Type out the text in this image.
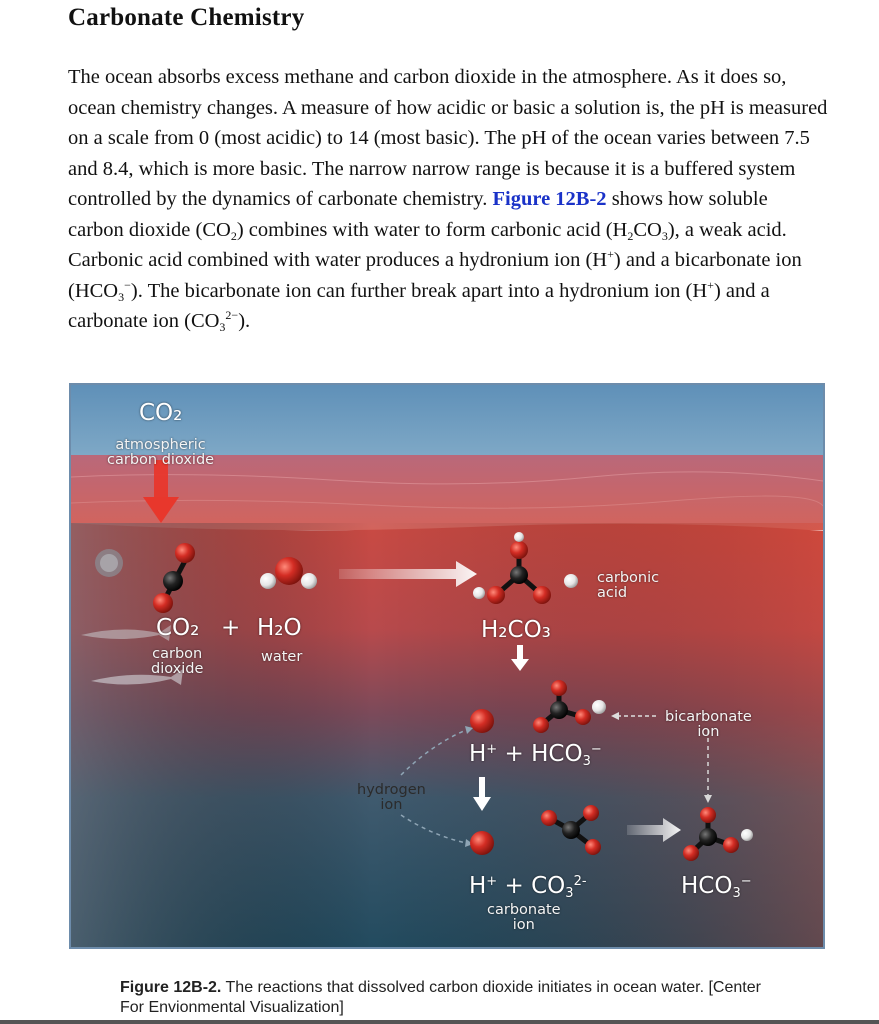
Carbonate Chemistry

The ocean absorbs excess methane and carbon dioxide in the atmosphere. As it does so, ocean chemistry changes. A measure of how acidic or basic a solution is, the pH is measured on a scale from 0 (most acidic) to 14 (most basic). The pH of the ocean varies between 7.5 and 8.4, which is more basic. The narrow narrow range is because it is a buffered system controlled by the dynamics of carbonate chemistry. Figure 12B-2 shows how soluble carbon dioxide $(CO_2)$ combines with water to form carbonic acid $(H_2CO_3)$, a weak acid. Carbonic acid combined with water produces a hydronium ion (H+) and a bicarbonate ion $(HCO_3^-)$. The bicarbonate ion can further break apart into a hydronium ion (H+) and a carbonate ion $(CO_3^{2-})$.

CO₂
atmospheric
carbon dioxide
CO₂ + H₂O
carbon
dioxide
water
H₂CO₃
carbonic
acid
bicarbonate
ion
$H^+ + HCO_3^-$
hydrogen
ion
$H^+ + CO_3^{2-}$	$HCO_3^-$
carbonate
ion

Figure 12B-2. The reactions that dissolved carbon dioxide initiates in ocean water. [Center For Envionmental Visualization]
